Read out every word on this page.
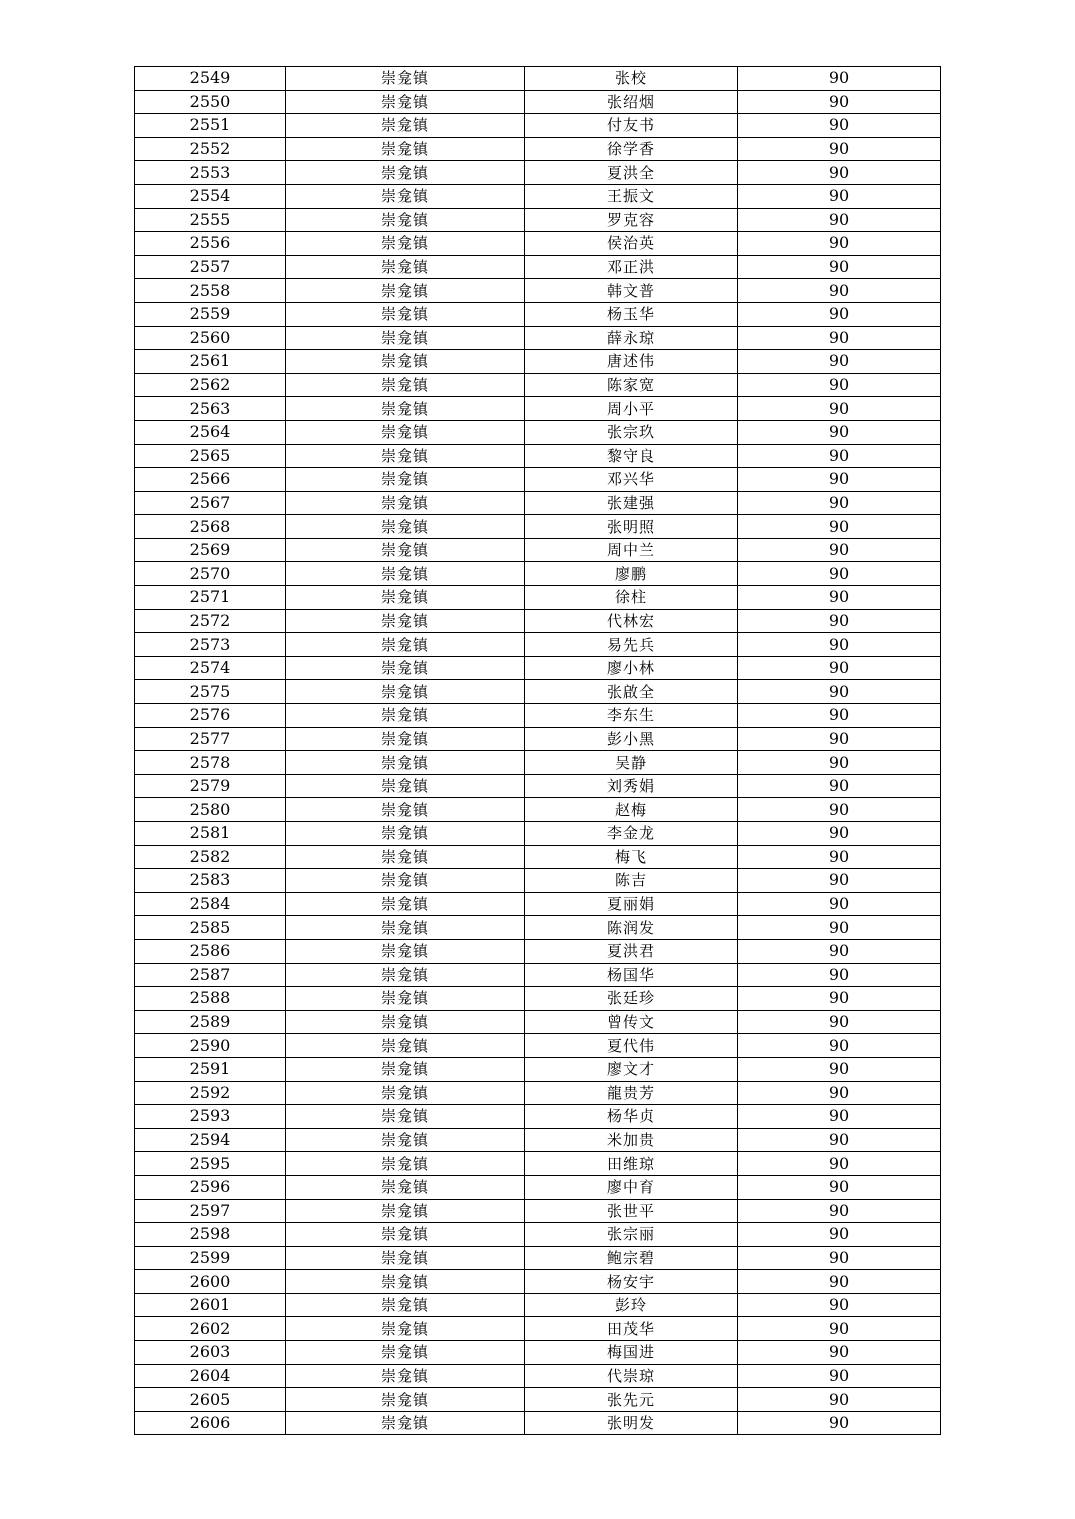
2549	崇龛镇	张校	90
2550	崇龛镇	张绍烟	90
2551	崇龛镇	付友书	90
2552	崇龛镇	徐学香	90
2553	崇龛镇	夏洪全	90
2554	崇龛镇	王振文	90
2555	崇龛镇	罗克容	90
2556	崇龛镇	侯治英	90
2557	崇龛镇	邓正洪	90
2558	崇龛镇	韩文普	90
2559	崇龛镇	杨玉华	90
2560	崇龛镇	薛永琼	90
2561	崇龛镇	唐述伟	90
2562	崇龛镇	陈家宽	90
2563	崇龛镇	周小平	90
2564	崇龛镇	张宗玖	90
2565	崇龛镇	黎守良	90
2566	崇龛镇	邓兴华	90
2567	崇龛镇	张建强	90
2568	崇龛镇	张明照	90
2569	崇龛镇	周中兰	90
2570	崇龛镇	廖鹏	90
2571	崇龛镇	徐柱	90
2572	崇龛镇	代林宏	90
2573	崇龛镇	易先兵	90
2574	崇龛镇	廖小林	90
2575	崇龛镇	张啟全	90
2576	崇龛镇	李东生	90
2577	崇龛镇	彭小黑	90
2578	崇龛镇	吴静	90
2579	崇龛镇	刘秀娟	90
2580	崇龛镇	赵梅	90
2581	崇龛镇	李金龙	90
2582	崇龛镇	梅飞	90
2583	崇龛镇	陈吉	90
2584	崇龛镇	夏丽娟	90
2585	崇龛镇	陈润发	90
2586	崇龛镇	夏洪君	90
2587	崇龛镇	杨国华	90
2588	崇龛镇	张廷珍	90
2589	崇龛镇	曾传文	90
2590	崇龛镇	夏代伟	90
2591	崇龛镇	廖文才	90
2592	崇龛镇	龍贵芳	90
2593	崇龛镇	杨华贞	90
2594	崇龛镇	米加贵	90
2595	崇龛镇	田维琼	90
2596	崇龛镇	廖中育	90
2597	崇龛镇	张世平	90
2598	崇龛镇	张宗丽	90
2599	崇龛镇	鲍宗碧	90
2600	崇龛镇	杨安宇	90
2601	崇龛镇	彭玲	90
2602	崇龛镇	田茂华	90
2603	崇龛镇	梅国进	90
2604	崇龛镇	代崇琼	90
2605	崇龛镇	张先元	90
2606	崇龛镇	张明发	90
